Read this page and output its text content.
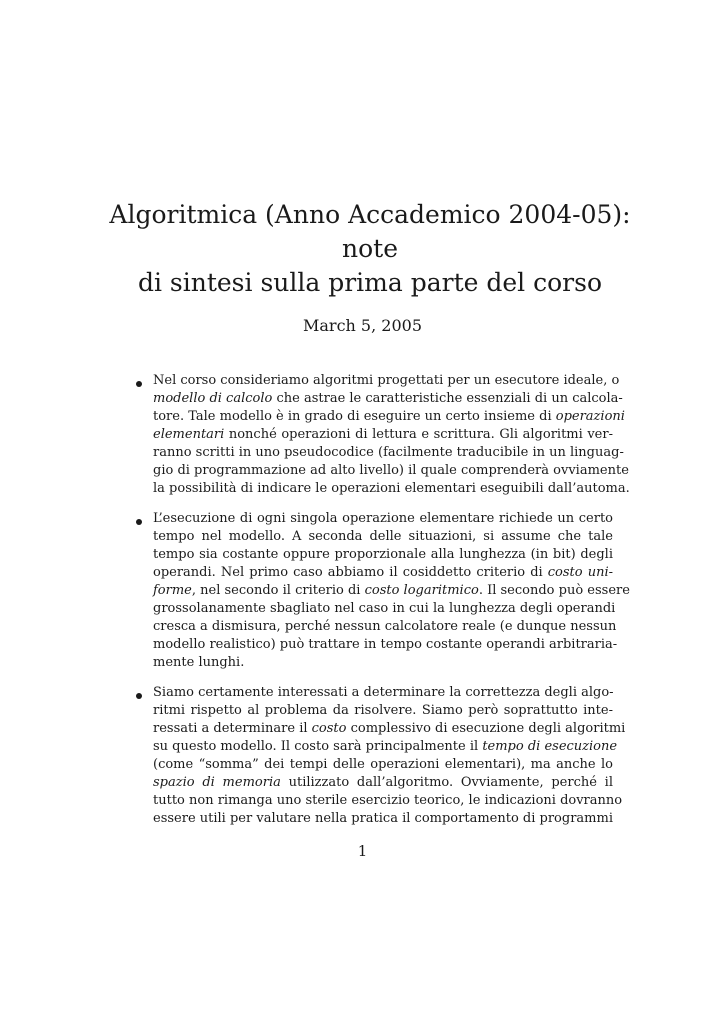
Algoritmica (Anno Accademico 2004-05): note
di sintesi sulla prima parte del corso

March 5, 2005

Nel corso consideriamo algoritmi progettati per un esecutore ideale, o
modello di calcolo che astrae le caratteristiche essenziali di un calcola-
tore. Tale modello è in grado di eseguire un certo insieme di operazioni
elementari nonché operazioni di lettura e scrittura. Gli algoritmi ver-
ranno scritti in uno pseudocodice (facilmente traducibile in un linguag-
gio di programmazione ad alto livello) il quale comprenderà ovviamente
la possibilità di indicare le operazioni elementari eseguibili dall’automa.
L’esecuzione di ogni singola operazione elementare richiede un certo
tempo nel modello. A seconda delle situazioni, si assume che tale
tempo sia costante oppure proporzionale alla lunghezza (in bit) degli
operandi. Nel primo caso abbiamo il cosiddetto criterio di costo uni-
forme, nel secondo il criterio di costo logaritmico. Il secondo può essere
grossolanamente sbagliato nel caso in cui la lunghezza degli operandi
cresca a dismisura, perché nessun calcolatore reale (e dunque nessun
modello realistico) può trattare in tempo costante operandi arbitraria-
mente lunghi.
Siamo certamente interessati a determinare la correttezza degli algo-
ritmi rispetto al problema da risolvere. Siamo però soprattutto inte-
ressati a determinare il costo complessivo di esecuzione degli algoritmi
su questo modello. Il costo sarà principalmente il tempo di esecuzione
(come “somma” dei tempi delle operazioni elementari), ma anche lo
spazio di memoria utilizzato dall’algoritmo. Ovviamente, perché il
tutto non rimanga uno sterile esercizio teorico, le indicazioni dovranno
essere utili per valutare nella pratica il comportamento di programmi

1
